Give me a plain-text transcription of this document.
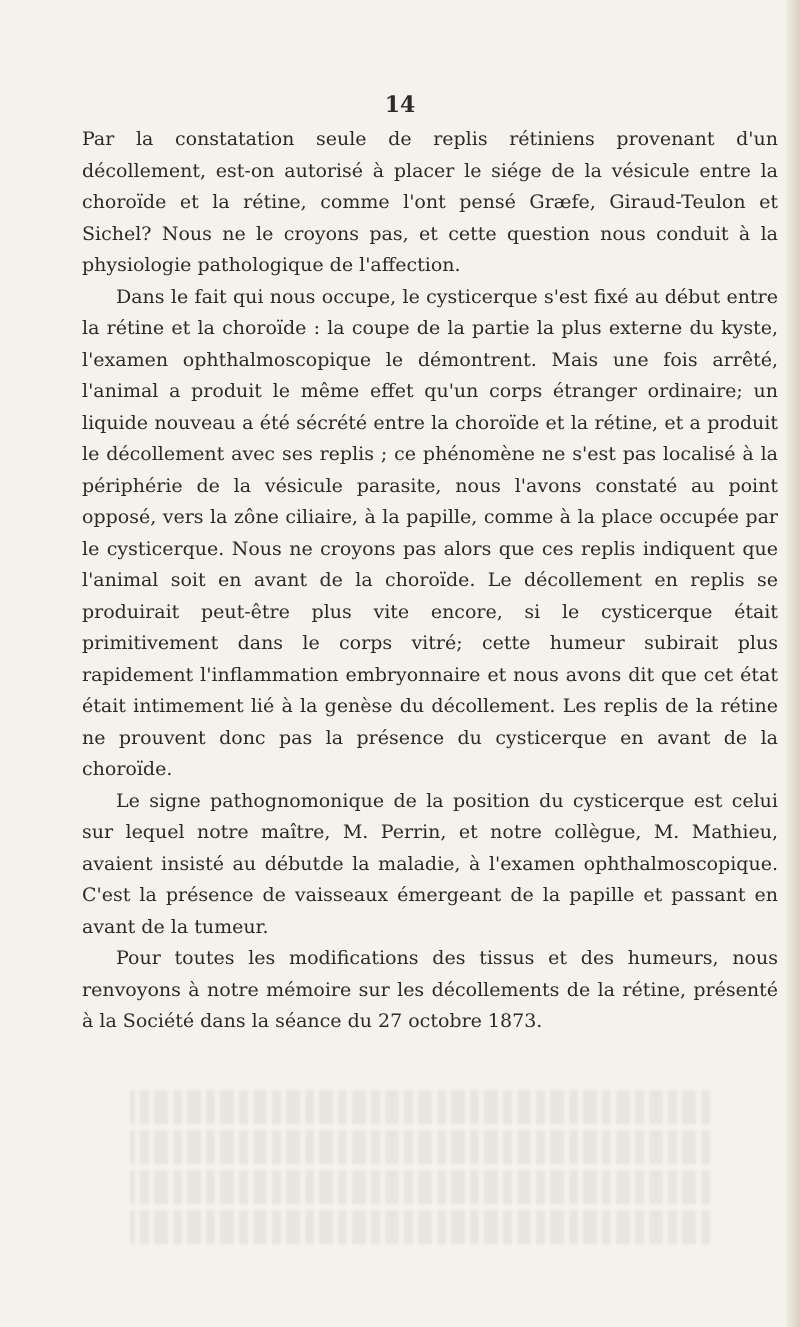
14

Par la constatation seule de replis rétiniens provenant d'un décollement, est-on autorisé à placer le siége de la vésicule entre la choroïde et la rétine, comme l'ont pensé Græfe, Giraud-Teulon et Sichel? Nous ne le croyons pas, et cette question nous conduit à la physiologie pathologique de l'affection.

Dans le fait qui nous occupe, le cysticerque s'est fixé au début entre la rétine et la choroïde : la coupe de la partie la plus externe du kyste, l'examen ophthalmoscopique le démontrent. Mais une fois arrêté, l'animal a produit le même effet qu'un corps étranger ordinaire; un liquide nouveau a été sécrété entre la choroïde et la rétine, et a produit le décollement avec ses replis ; ce phénomène ne s'est pas localisé à la périphérie de la vésicule parasite, nous l'avons constaté au point opposé, vers la zône ciliaire, à la papille, comme à la place occupée par le cysticerque. Nous ne croyons pas alors que ces replis indiquent que l'animal soit en avant de la choroïde. Le décollement en replis se produirait peut-être plus vite encore, si le cysticerque était primitivement dans le corps vitré; cette humeur subirait plus rapidement l'inflammation embryonnaire et nous avons dit que cet état était intimement lié à la genèse du décollement. Les replis de la rétine ne prouvent donc pas la présence du cysticerque en avant de la choroïde.

Le signe pathognomonique de la position du cysticerque est celui sur lequel notre maître, M. Perrin, et notre collègue, M. Mathieu, avaient insisté au débutde la maladie, à l'examen ophthalmoscopique. C'est la présence de vaisseaux émergeant de la papille et passant en avant de la tumeur.

Pour toutes les modifications des tissus et des humeurs, nous renvoyons à notre mémoire sur les décollements de la rétine, présenté à la Société dans la séance du 27 octobre 1873.
